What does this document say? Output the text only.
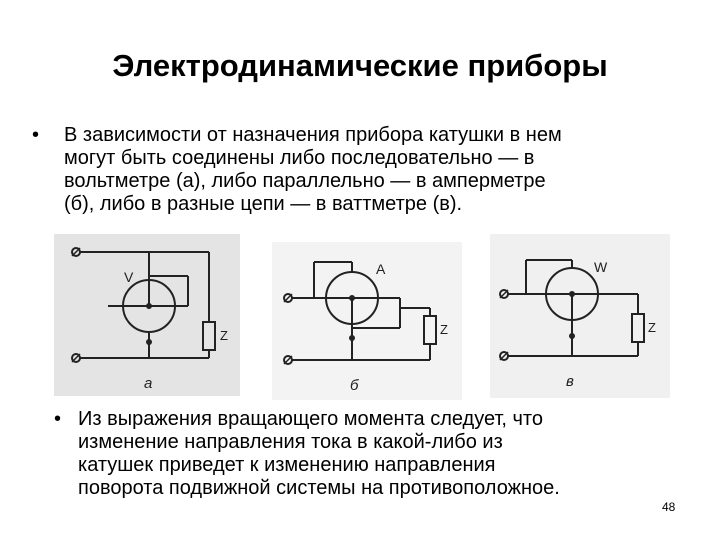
Электродинамические приборы
• В зависимости от назначения прибора катушки в нем
могут быть соединены либо последовательно — в
вольтметре (а), либо параллельно — в амперметре
(б), либо в разные цепи — в ваттметре (в).
V
Z
а
A
Z
б
W
Z
в
• Из выражения вращающего момента следует, что
изменение направления тока в какой-либо из
катушек приведет к изменению направления
поворота подвижной системы на противоположное.
48
